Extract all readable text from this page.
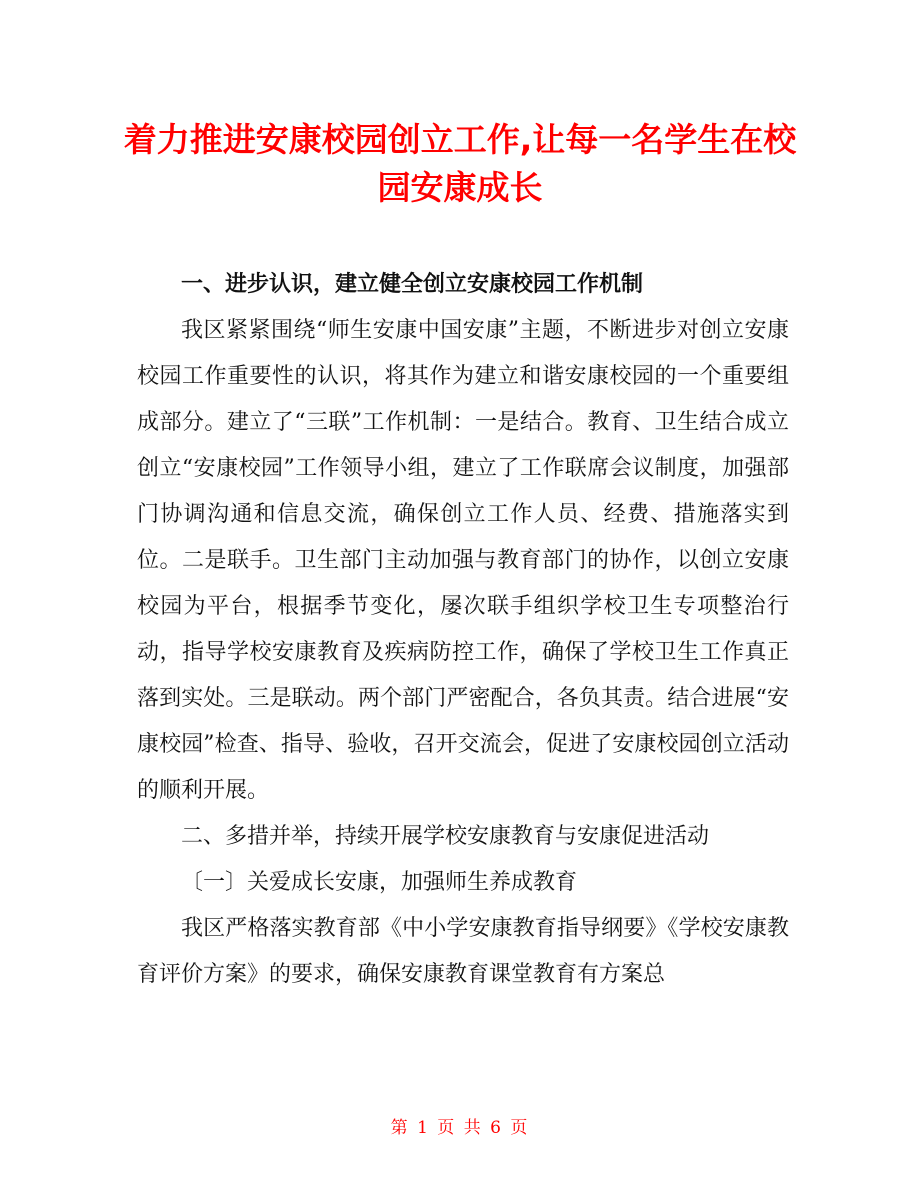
着力推进安康校园创立工作,让每一名学生在校
园安康成长

一、进步认识，建立健全创立安康校园工作机制

我区紧紧围绕“师生安康中国安康”主题，不断进步对创立安康校园工作重要性的认识，将其作为建立和谐安康校园的一个重要组成部分。建立了“三联”工作机制：一是结合。教育、卫生结合成立创立“安康校园”工作领导小组，建立了工作联席会议制度，加强部门协调沟通和信息交流，确保创立工作人员、经费、措施落实到位。二是联手。卫生部门主动加强与教育部门的协作，以创立安康校园为平台，根据季节变化，屡次联手组织学校卫生专项整治行动，指导学校安康教育及疾病防控工作，确保了学校卫生工作真正落到实处。三是联动。两个部门严密配合，各负其责。结合进展“安康校园”检查、指导、验收，召开交流会，促进了安康校园创立活动的顺利开展。

二、多措并举，持续开展学校安康教育与安康促进活动

〔一〕关爱成长安康，加强师生养成教育

我区严格落实教育部《中小学安康教育指导纲要》《学校安康教育评价方案》的要求，确保安康教育课堂教育有方案总

第 1 页 共 6 页
